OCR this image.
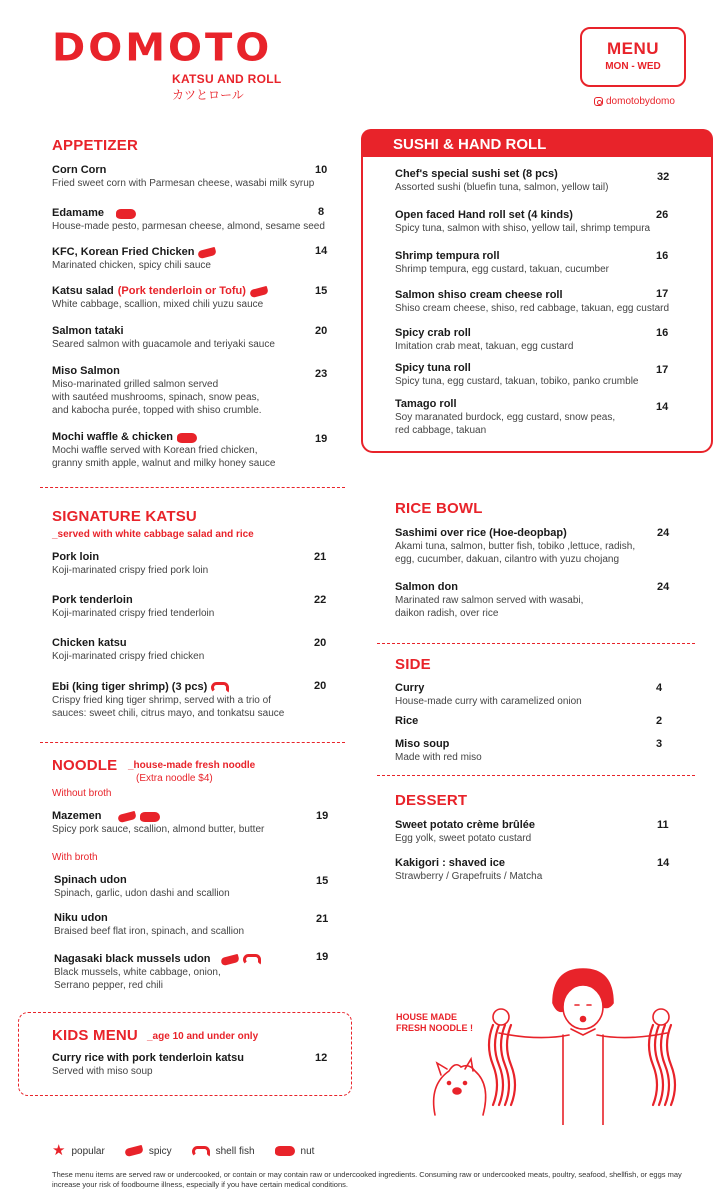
DOMOTO
KATSU AND ROLL
カツとロール
MENU
MON - WED
domotobydomo
APPETIZER
Corn Corn
Fried sweet corn with Parmesan cheese, wasabi milk syrup
10
Edamame
House-made pesto, parmesan cheese, almond, sesame seed
8
KFC, Korean Fried Chicken
Marinated chicken, spicy chili sauce
14
Katsu salad (Pork tenderloin or Tofu)
White cabbage, scallion, mixed chili yuzu sauce
15
Salmon tataki
Seared salmon with guacamole and teriyaki sauce
20
Miso Salmon
Miso-marinated grilled salmon served
with sautéed mushrooms, spinach, snow peas,
and kabocha purée, topped with shiso crumble.
23
Mochi waffle & chicken
Mochi waffle served with Korean fried chicken,
granny smith apple, walnut and milky honey sauce
19
SIGNATURE KATSU
_served with white cabbage salad and rice
Pork loin
Koji-marinated crispy fried pork loin
21
Pork tenderloin
Koji-marinated crispy fried tenderloin
22
Chicken katsu
Koji-marinated crispy fried chicken
20
Ebi (king tiger shrimp) (3 pcs)
Crispy fried king tiger shrimp, served with a trio of
sauces: sweet chili, citrus mayo, and tonkatsu sauce
20
NOODLE _house-made fresh noodle
(Extra noodle $4)
Without broth
Mazemen
Spicy pork sauce, scallion, almond butter, butter
19
With broth
Spinach udon
Spinach, garlic, udon dashi and scallion
15
Niku udon
Braised beef flat iron, spinach, and scallion
21
Nagasaki black mussels udon
Black mussels, white cabbage, onion,
Serrano pepper, red chili
19
KIDS MENU _age 10 and under only
Curry rice with pork tenderloin katsu
Served with miso soup
12
SUSHI & HAND ROLL
Chef's special sushi set (8 pcs)
Assorted sushi (bluefin tuna, salmon, yellow tail)
32
Open faced Hand roll set (4 kinds)
Spicy tuna, salmon with shiso, yellow tail, shrimp tempura
26
Shrimp tempura roll
Shrimp tempura, egg custard, takuan, cucumber
16
Salmon shiso cream cheese roll
Shiso cream cheese, shiso, red cabbage, takuan, egg custard
17
Spicy crab roll
Imitation crab meat, takuan, egg custard
16
Spicy tuna roll
Spicy tuna, egg custard, takuan, tobiko, panko crumble
17
Tamago roll
Soy maranated burdock, egg custard, snow peas,
red cabbage, takuan
14
RICE BOWL
Sashimi over rice (Hoe-deopbap)
Akami tuna, salmon, butter fish, tobiko ,lettuce, radish,
egg, cucumber, dakuan, cilantro with yuzu chojang
24
Salmon don
Marinated raw salmon served with wasabi,
daikon radish, over rice
24
SIDE
Curry
House-made curry with caramelized onion
4
Rice	2
Miso soup
Made with red miso
3
DESSERT
Sweet potato crème brûlée
Egg yolk, sweet potato custard
11
Kakigori : shaved ice
Strawberry / Grapefruits / Matcha
14
HOUSE MADE
FRESH NOODLE !
★ popular	spicy	shell fish	nut
These menu items are served raw or undercooked, or contain or may contain raw or undercooked ingredients. Consuming raw or undercooked meats, poultry, seafood, shellfish, or eggs may increase your risk of foodbourne illness, especially if you have certain medical conditions.
